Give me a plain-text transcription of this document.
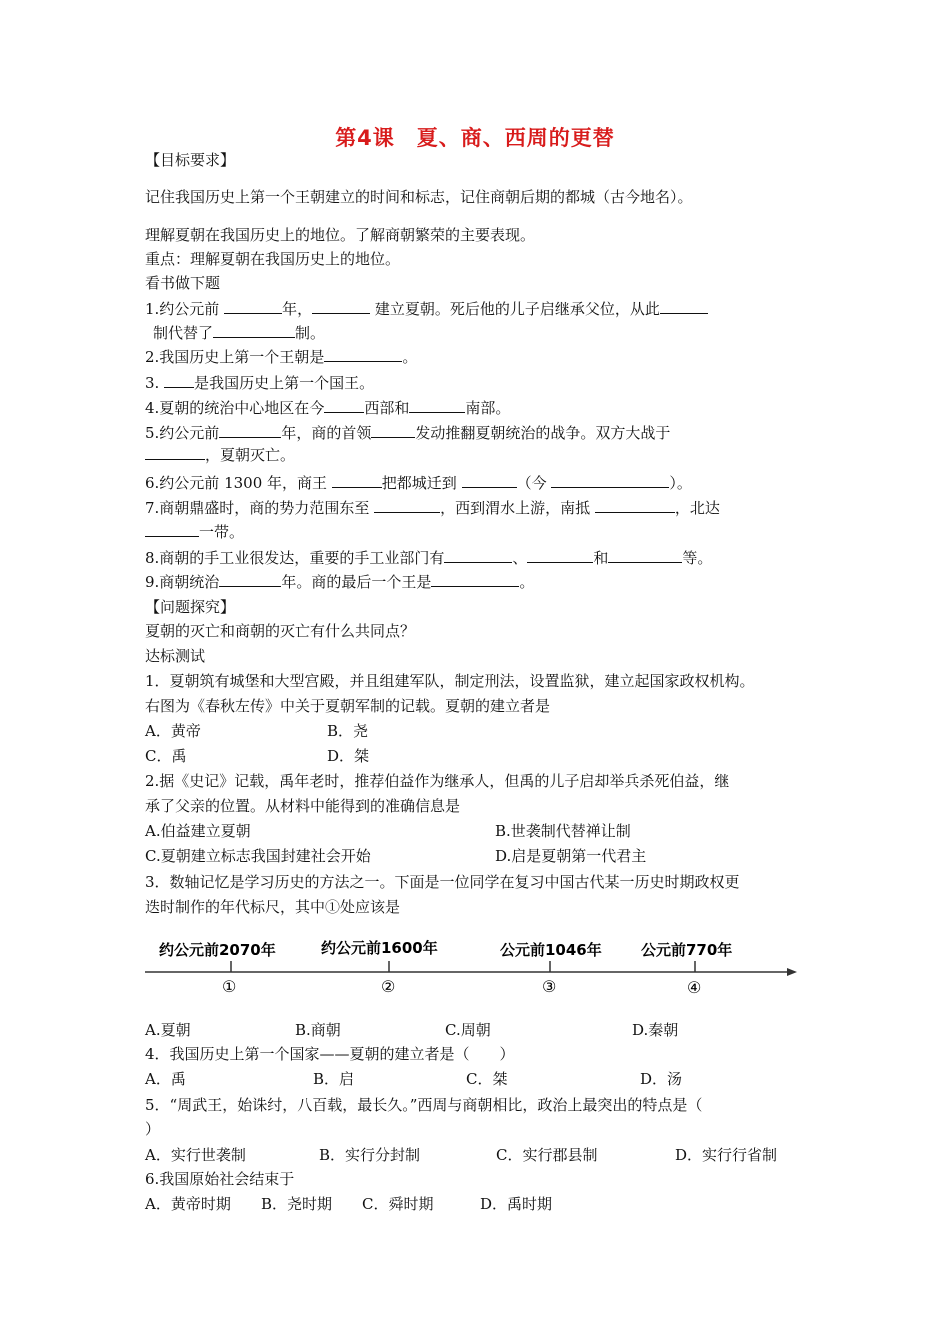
第4课　夏、商、西周的更替
【目标要求】
记住我国历史上第一个王朝建立的时间和标志，记住商朝后期的都城（古今地名）。
理解夏朝在我国历史上的地位。了解商朝繁荣的主要表现。
重点：理解夏朝在我国历史上的地位。
看书做下题
1.约公元前	年，	建立夏朝。死后他的儿子启继承父位，从此
制代替了	制。
2.我国历史上第一个王朝是	。
3. 是我国历史上第一个国王。
4.夏朝的统治中心地区在今	西部和	南部。
5.约公元前	年，商的首领	发动推翻夏朝统治的战争。双方大战于
，夏朝灭亡。
6.约公元前 1300 年，商王	把都城迁到	（今	）。
7.商朝鼎盛时，商的势力范围东至	，西到渭水上游，南抵	，北达
一带。
8.商朝的手工业很发达，重要的手工业部门有	、	和	等。
9.商朝统治	年。商的最后一个王是	。
【问题探究】
夏朝的灭亡和商朝的灭亡有什么共同点？
达标测试
1．夏朝筑有城堡和大型宫殿，并且组建军队，制定刑法，设置监狱，建立起国家政权机构。
右图为《春秋左传》中关于夏朝军制的记载。夏朝的建立者是
A．黄帝	B．尧
C．禹	D．桀
2.据《史记》记载，禹年老时，推荐伯益作为继承人，但禹的儿子启却举兵杀死伯益，继
承了父亲的位置。从材料中能得到的准确信息是
A.伯益建立夏朝	B.世袭制代替禅让制
C.夏朝建立标志我国封建社会开始	D.启是夏朝第一代君主
3．数轴记忆是学习历史的方法之一。下面是一位同学在复习中国古代某一历史时期政权更
迭时制作的年代标尺，其中①处应该是
约公元前2070年	约公元前1600年	公元前1046年	公元前770年
①	②	③	④
A.夏朝	B.商朝	C.周朝	D.秦朝
4．我国历史上第一个国家——夏朝的建立者是（　　）
A．禹	B．启	C．桀	D．汤
5．“周武王，始诛纣，八百载，最长久。”西周与商朝相比，政治上最突出的特点是（
）
A．实行世袭制	B．实行分封制	C．实行郡县制	D．实行行省制
6.我国原始社会结束于
A．黄帝时期 B．尧时期 C．舜时期	D．禹时期
